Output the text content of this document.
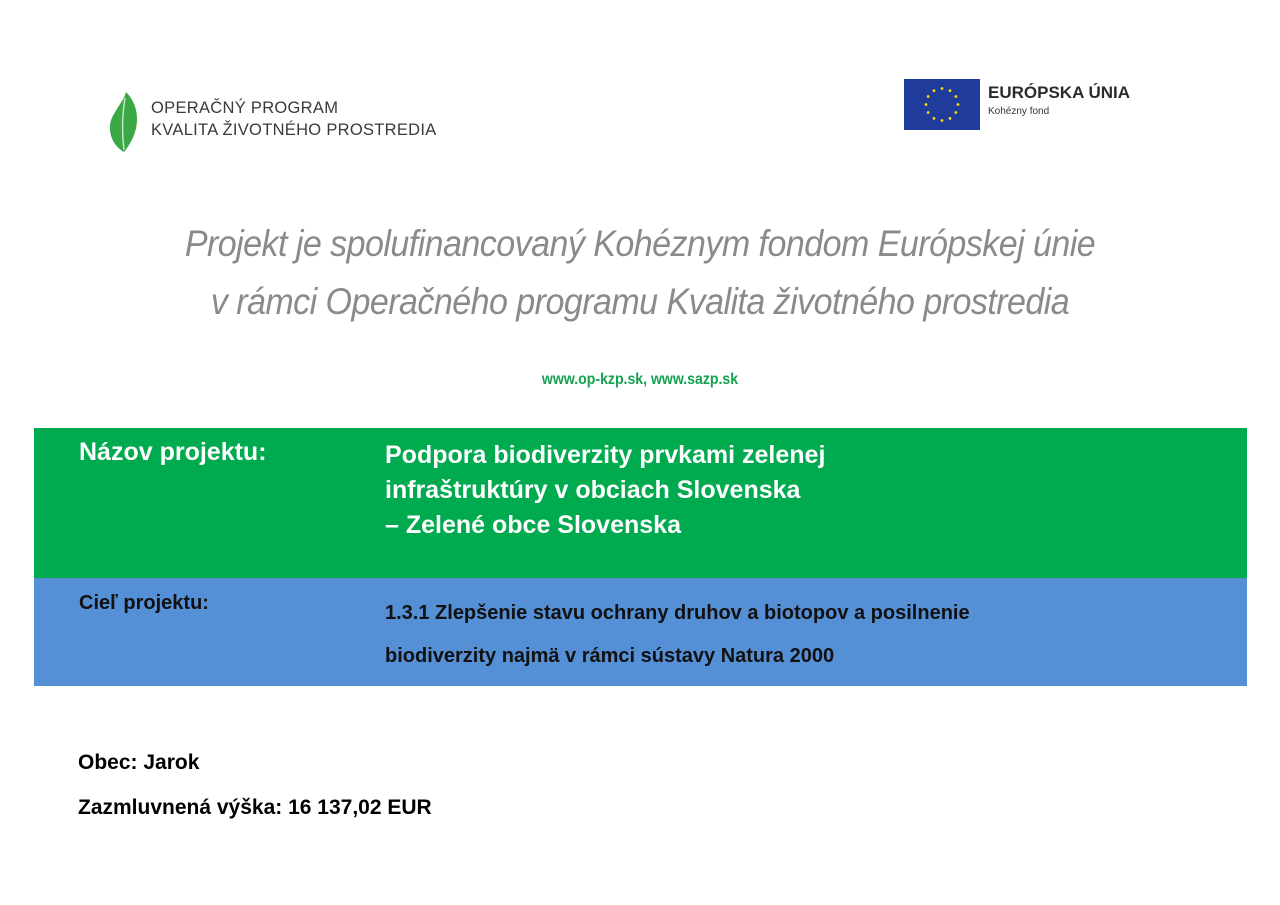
OPERAČNÝ PROGRAM
KVALITA ŽIVOTNÉHO PROSTREDIA
EURÓPSKA ÚNIA
Kohézny fond
Projekt je spolufinancovaný Kohéznym fondom Európskej únie
v rámci Operačného programu Kvalita životného prostredia
www.op-kzp.sk, www.sazp.sk
Názov projektu:	Podpora biodiverzity prvkami zelenej
infraštruktúry v obciach Slovenska
– Zelené obce Slovenska
Cieľ projektu:	1.3.1 Zlepšenie stavu ochrany druhov a biotopov a posilnenie
biodiverzity najmä v rámci sústavy Natura 2000
Obec: Jarok
Zazmluvnená výška: 16 137,02 EUR
